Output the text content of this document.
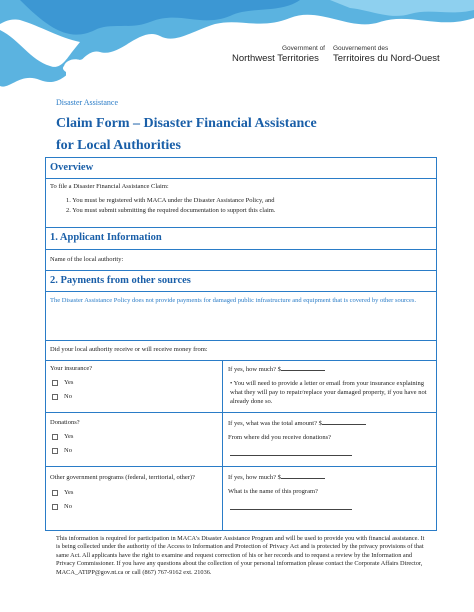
Government of
Northwest Territories
Gouvernement des
Territoires du Nord-Ouest
Disaster Assistance
Claim Form – Disaster Financial Assistance
for Local Authorities
Overview
To file a Disaster Financial Assistance Claim:
1. You must be registered with MACA under the Disaster Assistance Policy, and
2. You must submit submitting the required documentation to support this claim.
1. Applicant Information
Name of the local authority:
2. Payments from other sources
The Disaster Assistance Policy does not provide payments for damaged public infrastructure and equipment that is covered by other sources.
Did your local authority receive or will receive money from:
Your insurance?
Yes
No
If yes, how much? $
• You will need to provide a letter or email from your insurance explaining what they will pay to repair/replace your damaged property, if you have not already done so.
Donations?
Yes
No
If yes, what was the total amount? $
From where did you receive donations?
Other government programs (federal, territorial, other)?
Yes
No
If yes, how much? $
What is the name of this program?
This information is required for participation in MACA's Disaster Assistance Program and will be used to provide you with financial assistance. It is being collected under the authority of the Access to Information and Protection of Privacy Act and is protected by the privacy provisions of that same Act. All applicants have the right to examine and request correction of his or her records and to request a review by the Information and Privacy Commissioner. If you have any questions about the collection of your personal information please contact the Corporate Affairs Director, MACA_ATIPP@gov.nt.ca or call (867) 767-9162 ext. 21036.
